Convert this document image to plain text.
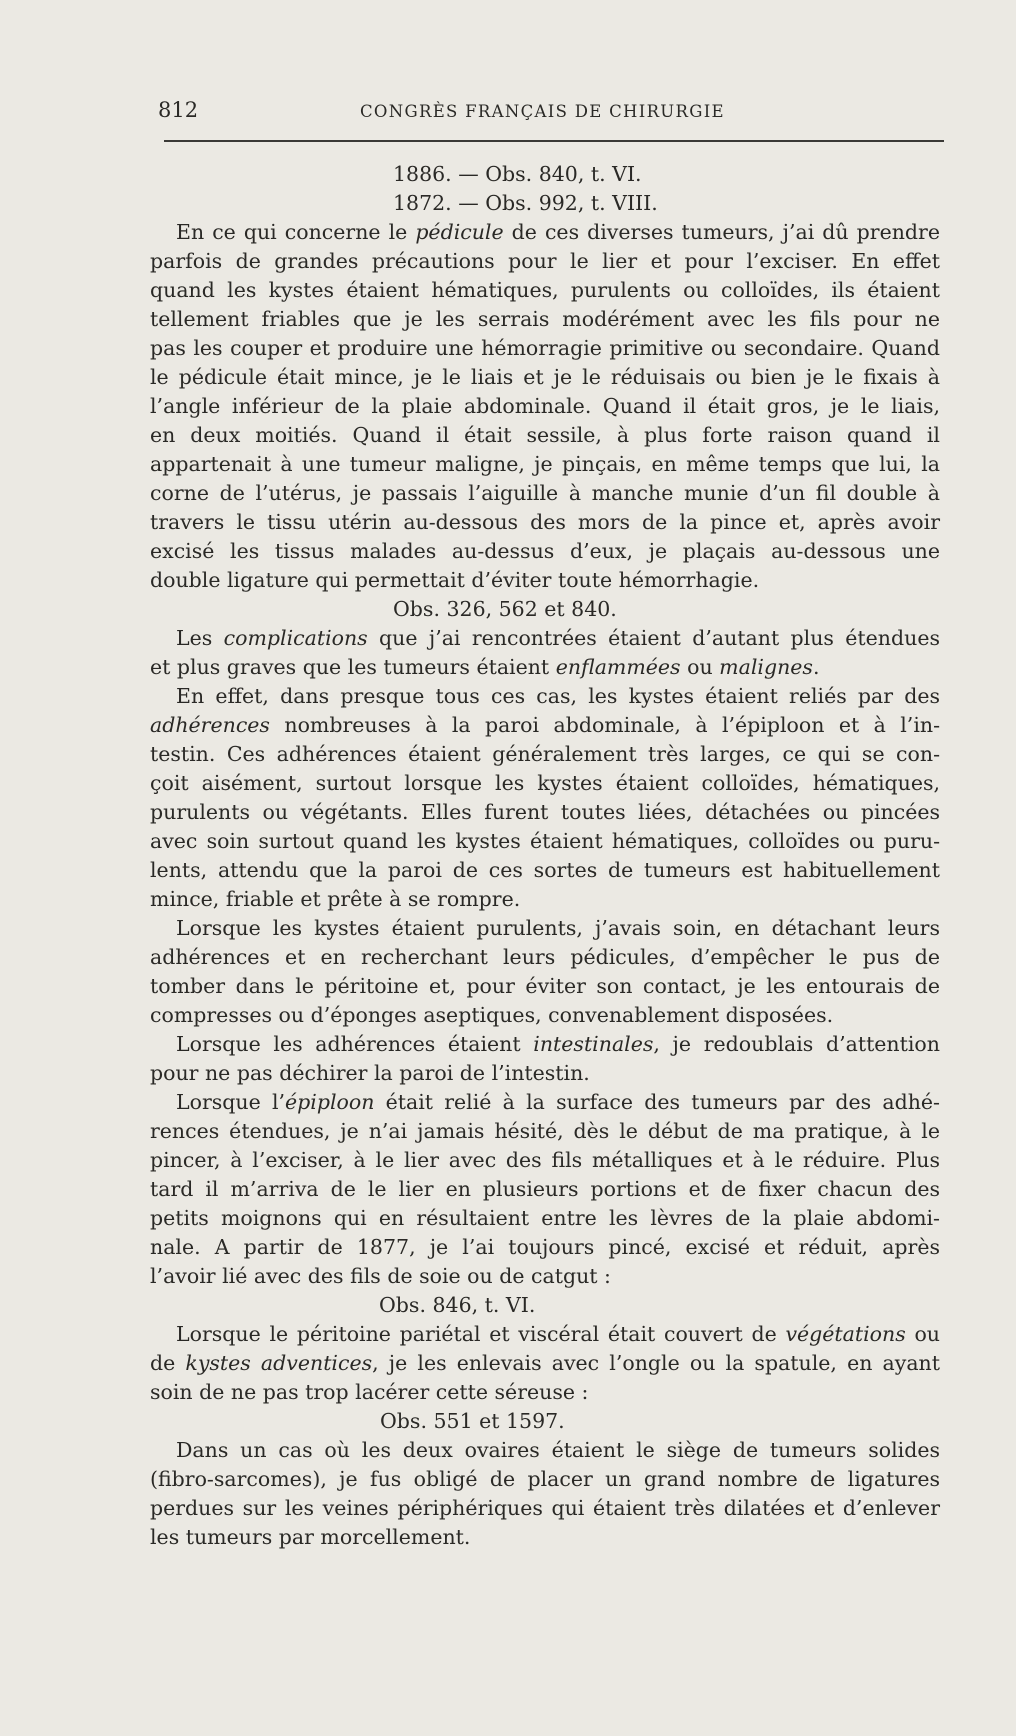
812	CONGRÈS FRANÇAIS DE CHIRURGIE
1886. — Obs. 840, t. VI.
1872. — Obs. 992, t. VIII.
En ce qui concerne le pédicule de ces diverses tumeurs, j’ai dû prendre
parfois de grandes précautions pour le lier et pour l’exciser. En effet
quand les kystes étaient hématiques, purulents ou colloïdes, ils étaient
tellement friables que je les serrais modérément avec les fils pour ne
pas les couper et produire une hémorragie primitive ou secondaire. Quand
le pédicule était mince, je le liais et je le réduisais ou bien je le fixais à
l’angle inférieur de la plaie abdominale. Quand il était gros, je le liais,
en deux moitiés. Quand il était sessile, à plus forte raison quand il
appartenait à une tumeur maligne, je pinçais, en même temps que lui, la
corne de l’utérus, je passais l’aiguille à manche munie d’un fil double à
travers le tissu utérin au-dessous des mors de la pince et, après avoir
excisé les tissus malades au-dessus d’eux, je plaçais au-dessous une
double ligature qui permettait d’éviter toute hémorrhagie.
Obs. 326, 562 et 840.
Les complications que j’ai rencontrées étaient d’autant plus étendues
et plus graves que les tumeurs étaient enflammées ou malignes.
En effet, dans presque tous ces cas, les kystes étaient reliés par des
adhérences nombreuses à la paroi abdominale, à l’épiploon et à l’in-
testin. Ces adhérences étaient généralement très larges, ce qui se con-
çoit aisément, surtout lorsque les kystes étaient colloïdes, hématiques,
purulents ou végétants. Elles furent toutes liées, détachées ou pincées
avec soin surtout quand les kystes étaient hématiques, colloïdes ou puru-
lents, attendu que la paroi de ces sortes de tumeurs est habituellement
mince, friable et prête à se rompre.
Lorsque les kystes étaient purulents, j’avais soin, en détachant leurs
adhérences et en recherchant leurs pédicules, d’empêcher le pus de
tomber dans le péritoine et, pour éviter son contact, je les entourais de
compresses ou d’éponges aseptiques, convenablement disposées.
Lorsque les adhérences étaient intestinales, je redoublais d’attention
pour ne pas déchirer la paroi de l’intestin.
Lorsque l’épiploon était relié à la surface des tumeurs par des adhé-
rences étendues, je n’ai jamais hésité, dès le début de ma pratique, à le
pincer, à l’exciser, à le lier avec des fils métalliques et à le réduire. Plus
tard il m’arriva de le lier en plusieurs portions et de fixer chacun des
petits moignons qui en résultaient entre les lèvres de la plaie abdomi-
nale. A partir de 1877, je l’ai toujours pincé, excisé et réduit, après
l’avoir lié avec des fils de soie ou de catgut :
Obs. 846, t. VI.
Lorsque le péritoine pariétal et viscéral était couvert de végétations ou
de kystes adventices, je les enlevais avec l’ongle ou la spatule, en ayant
soin de ne pas trop lacérer cette séreuse :
Obs. 551 et 1597.
Dans un cas où les deux ovaires étaient le siège de tumeurs solides
(fibro-sarcomes), je fus obligé de placer un grand nombre de ligatures
perdues sur les veines périphériques qui étaient très dilatées et d’enlever
les tumeurs par morcellement.
